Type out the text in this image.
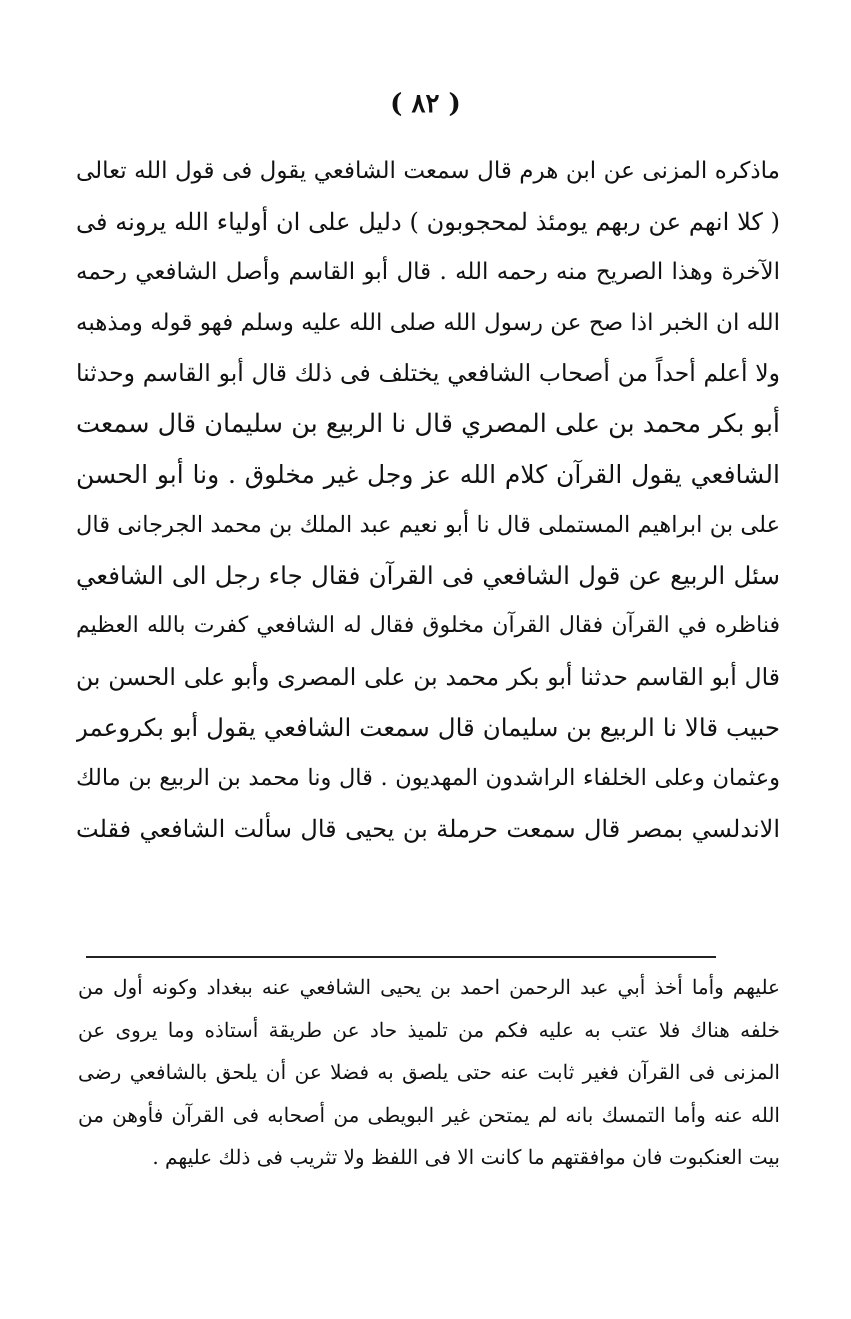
( ٨٢ )
ماذكره المزنى عن ابن هرم قال سمعت الشافعي يقول فى قول الله تعالى
( كلا انهم عن ربهم يومئذ لمحجوبون ) دليل على ان أولياء الله يرونه فى
الآخرة وهذا الصريح منه رحمه الله . قال أبو القاسم وأصل الشافعي رحمه
الله ان الخبر اذا صح عن رسول الله صلى الله عليه وسلم فهو قوله ومذهبه
ولا أعلم أحداً من أصحاب الشافعي يختلف فى ذلك قال أبو القاسم وحدثنا
أبو بكر محمد بن على المصري قال نا الربيع بن سليمان قال سمعت
الشافعي يقول القرآن كلام الله عز وجل غير مخلوق . ونا أبو الحسن
على بن ابراهيم المستملى قال نا أبو نعيم عبد الملك بن محمد الجرجانى قال
سئل الربيع عن قول الشافعي فى القرآن فقال جاء رجل الى الشافعي
فناظره في القرآن فقال القرآن مخلوق فقال له الشافعي كفرت بالله العظيم
قال أبو القاسم حدثنا أبو بكر محمد بن على المصرى وأبو على الحسن بن
حبيب قالا نا الربيع بن سليمان قال سمعت الشافعي يقول أبو بكروعمر
وعثمان وعلى الخلفاء الراشدون المهديون . قال ونا محمد بن الربيع بن مالك
الاندلسي بمصر قال سمعت حرملة بن يحيى قال سألت الشافعي فقلت
عليهم وأما أخذ أبي عبد الرحمن احمد بن يحيى الشافعي عنه ببغداد وكونه أول من
خلفه هناك فلا عتب به عليه فكم من تلميذ حاد عن طريقة أستاذه وما يروى عن
المزنى فى القرآن فغير ثابت عنه حتى يلصق به فضلا عن أن يلحق بالشافعي رضى
الله عنه وأما التمسك بانه لم يمتحن غير البويطى من أصحابه فى القرآن فأوهن من
بيت العنكبوت فان موافقتهم ما كانت الا فى اللفظ ولا تثريب فى ذلك عليهم .
